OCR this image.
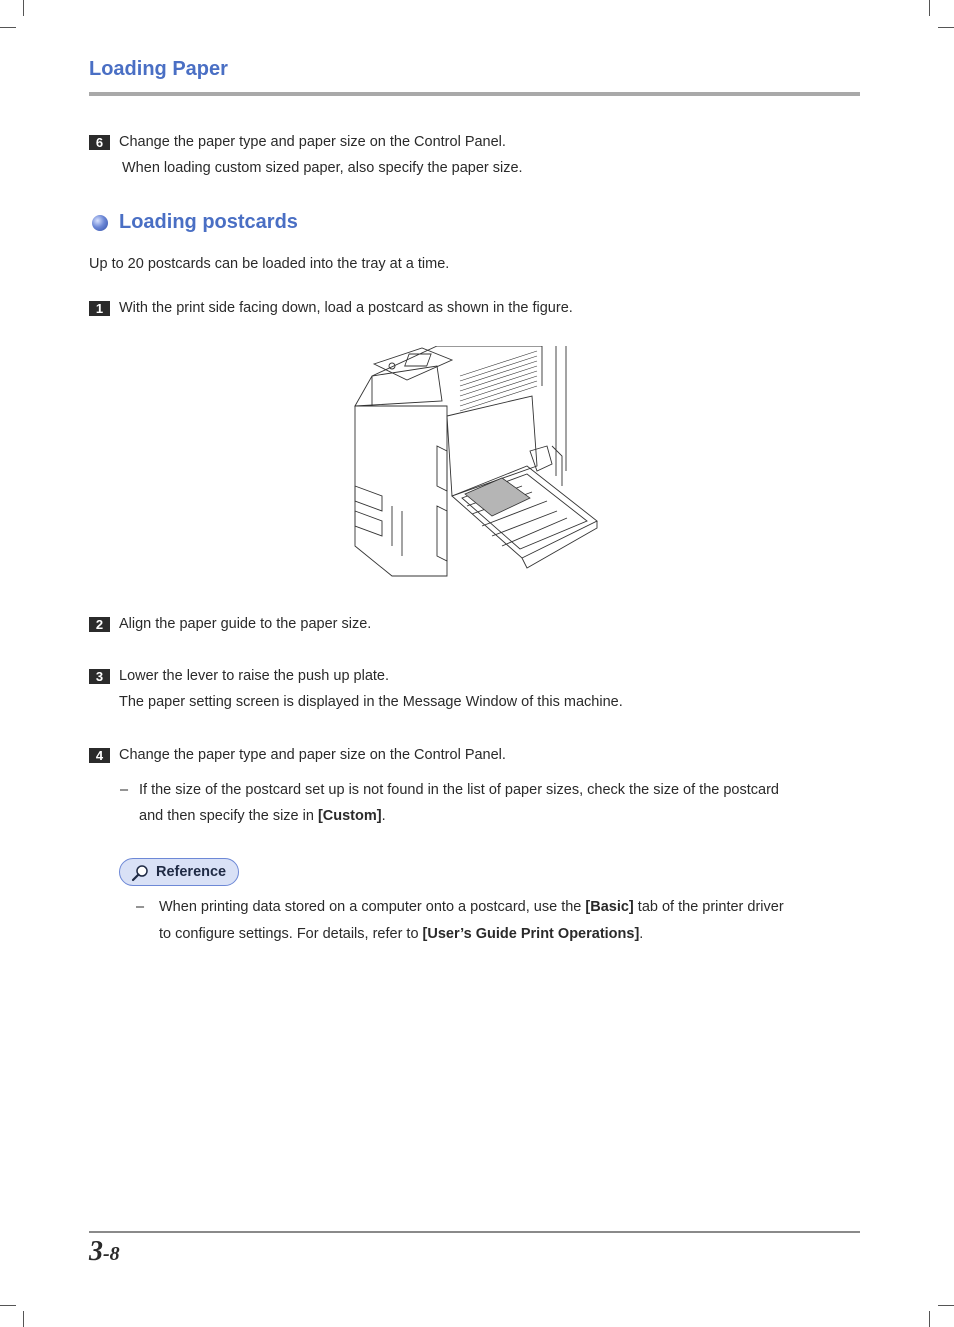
Loading Paper
6	Change the paper type and paper size on the Control Panel.
When loading custom sized paper, also specify the paper size.
Loading postcards
Up to 20 postcards can be loaded into the tray at a time.
1	With the print side facing down, load a postcard as shown in the figure.
2	Align the paper guide to the paper size.
3	Lower the lever to raise the push up plate.
The paper setting screen is displayed in the Message Window of this machine.
4	Change the paper type and paper size on the Control Panel.
– If the size of the postcard set up is not found in the list of paper sizes, check the size of the postcard
and then specify the size in [Custom].
Reference
– When printing data stored on a computer onto a postcard, use the [Basic] tab of the printer driver
to configure settings. For details, refer to [User’s Guide Print Operations].
3-8
